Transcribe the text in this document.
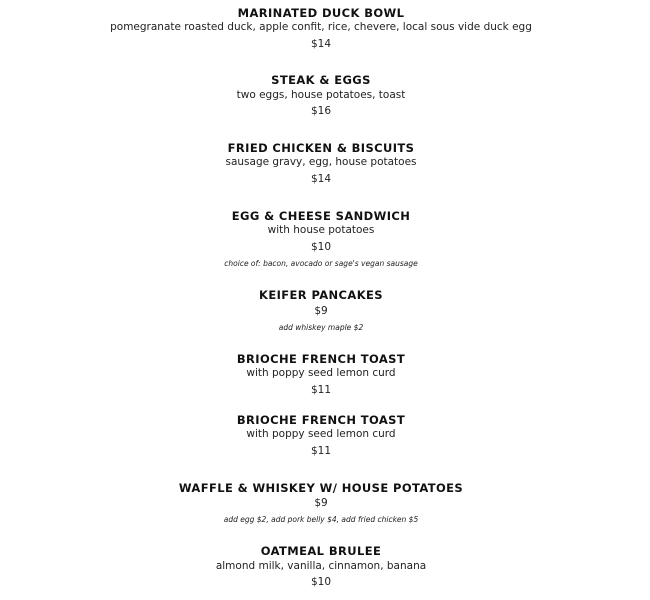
MARINATED DUCK BOWL
pomegranate roasted duck, apple confit, rice, chevere, local sous vide duck egg
$14
STEAK & EGGS
two eggs, house potatoes, toast
$16
FRIED CHICKEN & BISCUITS
sausage gravy, egg, house potatoes
$14
EGG & CHEESE SANDWICH
with house potatoes
$10
choice of: bacon, avocado or sage's vegan sausage
KEIFER PANCAKES
$9
add whiskey maple $2
BRIOCHE FRENCH TOAST
with poppy seed lemon curd
$11
BRIOCHE FRENCH TOAST
with poppy seed lemon curd
$11
WAFFLE & WHISKEY W/ HOUSE POTATOES
$9
add egg $2, add pork belly $4, add fried chicken $5
OATMEAL BRULEE
almond milk, vanilla, cinnamon, banana
$10
